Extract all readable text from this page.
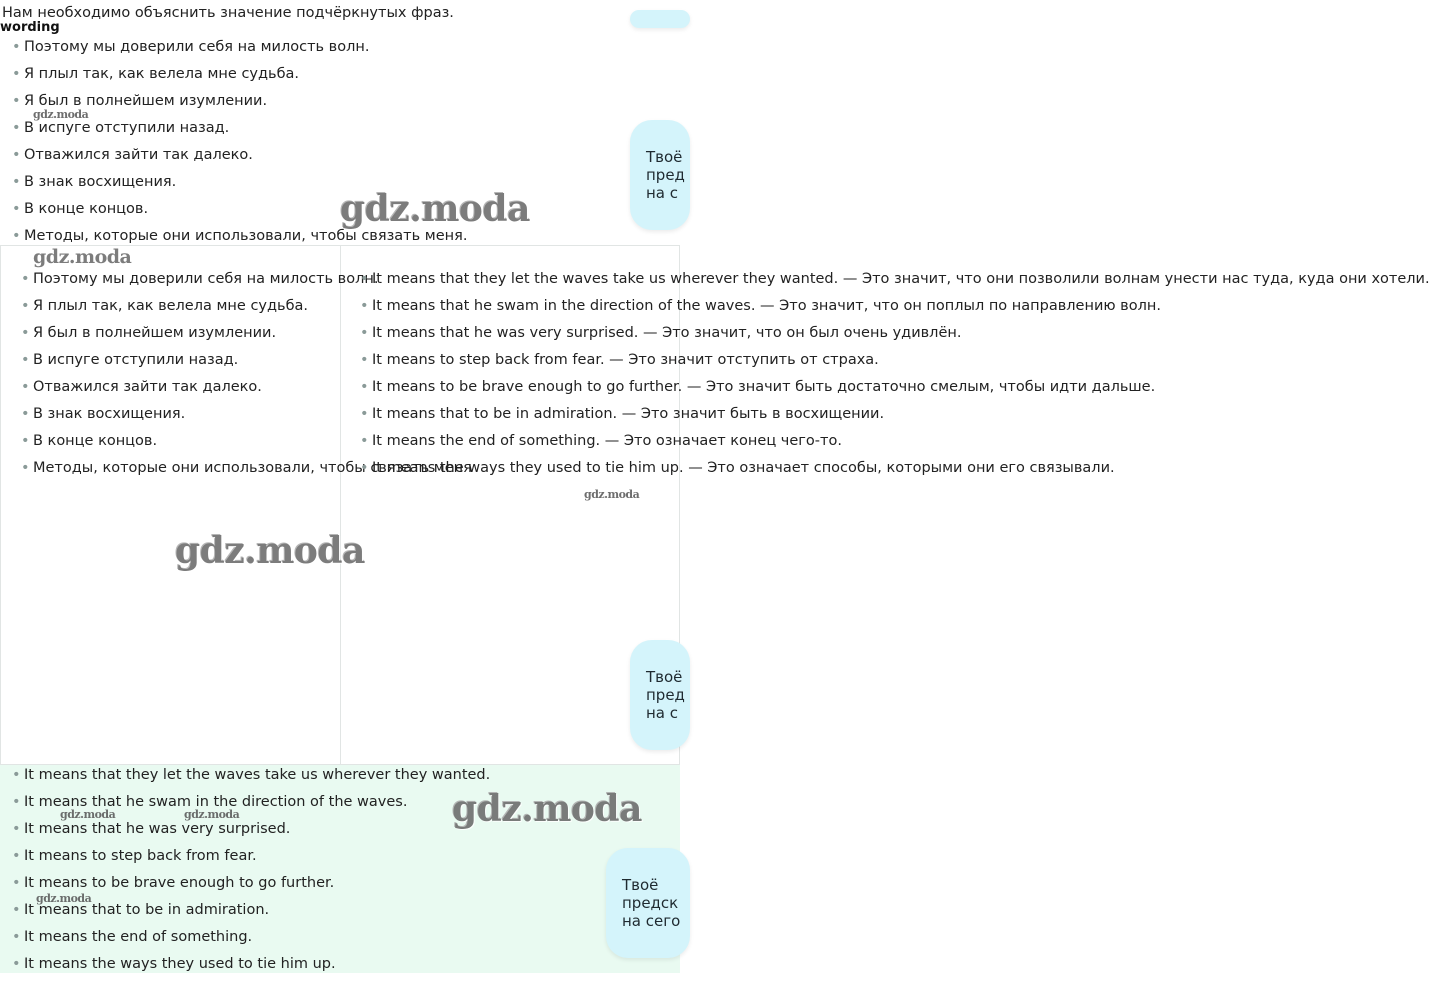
Нам необходимо объяснить значение подчёркнутых фраз.
wording
• Поэтому мы доверили себя на милость волн.
• Я плыл так, как велела мне судьба.
• Я был в полнейшем изумлении.
• В испуге отступили назад.
• Отважился зайти так далеко.
• В знак восхищения.
• В конце концов.
• Методы, которые они использовали, чтобы связать меня.
• Поэтому мы доверили себя на милость волн.
• Я плыл так, как велела мне судьба.
• Я был в полнейшем изумлении.
• В испуге отступили назад.
• Отважился зайти так далеко.
• В знак восхищения.
• В конце концов.
• Методы, которые они использовали, чтобы связать меня
• It means that they let the waves take us wherever they wanted. — Это значит, что они позволили волнам унести нас туда, куда они хотели.
• It means that he swam in the direction of the waves. — Это значит, что он поплыл по направлению волн.
• It means that he was very surprised. — Это значит, что он был очень удивлён.
• It means to step back from fear. — Это значит отступить от страха.
• It means to be brave enough to go further. — Это значит быть достаточно смелым, чтобы идти дальше.
• It means that to be in admiration. — Это значит быть в восхищении.
• It means the end of something. — Это означает конец чего-то.
• It means the ways they used to tie him up. — Это означает способы, которыми они его связывали.
• It means that they let the waves take us wherever they wanted.
• It means that he swam in the direction of the waves.
• It means that he was very surprised.
• It means to step back from fear.
• It means to be brave enough to go further.
• It means that to be in admiration.
• It means the end of something.
• It means the ways they used to tie him up.
Твоё
пред
на с
Твоё
пред
на с
Твоё
предск
на сего
gdz.moda
gdz.moda
gdz.moda
gdz.moda
gdz.moda
gdz.moda
gdz.moda	gdz.moda
gdz.moda
